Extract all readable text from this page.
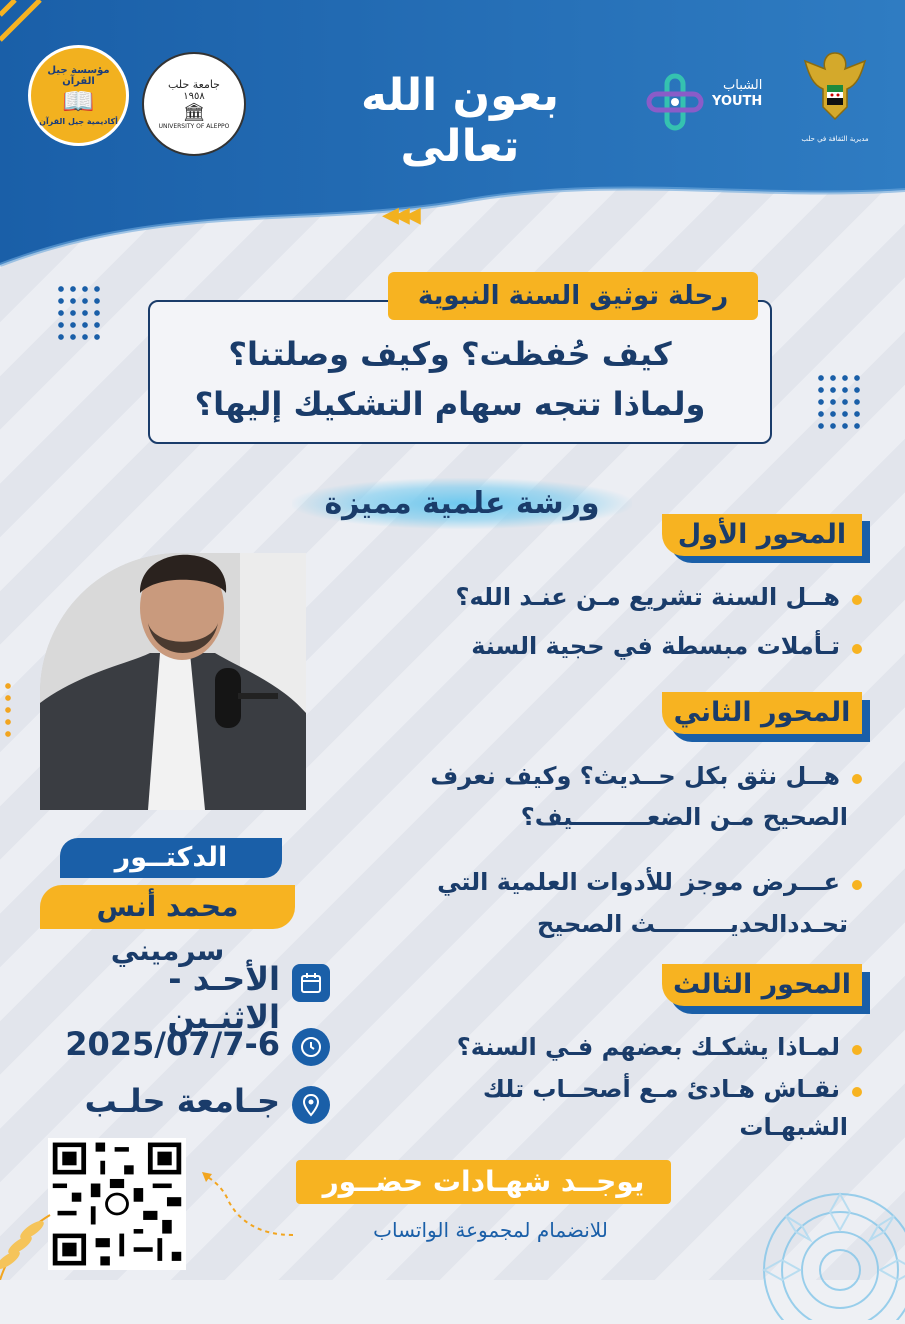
بعون الله تعالى
مؤسسة جيل القرآن
📖
أكاديمية جيل القرآن
جامعة حلب
١٩٥٨
🏛
UNIVERSITY OF ALEPPO
الشباب
YOUTH
مديرية الثقافة في حلب
◀◀◀
رحلة توثيق السنة النبوية
كيف حُفظت؟ وكيف وصلتنا؟
ولماذا تتجه سهام التشكيك إليها؟
ورشة علمية مميزة
المحور الأول
هــل السنة تشريع مـن عنـد الله؟
تـأملات مبسطة في حجية السنة
المحور الثاني
هــل نثق بكل حــديث؟ وكيف نعرف
الصحيح مـن الضعـــــــــيف؟
عـــرض موجز للأدوات العلمية التي
تحـددالحديـــــــــث الصحيح
المحور الثالث
لمـاذا يشكـك بعضهم فـي السنة؟
نقـاش هـادئ مـع أصحــاب تلك
الشبهـات
الدكتــور
محمد أنس سرميني
الأحـد - الاثنـين
2025/07/7-6
جـامعة حلـب
يوجــد شهـادات حضــور
للانضمام لمجموعة الواتساب
